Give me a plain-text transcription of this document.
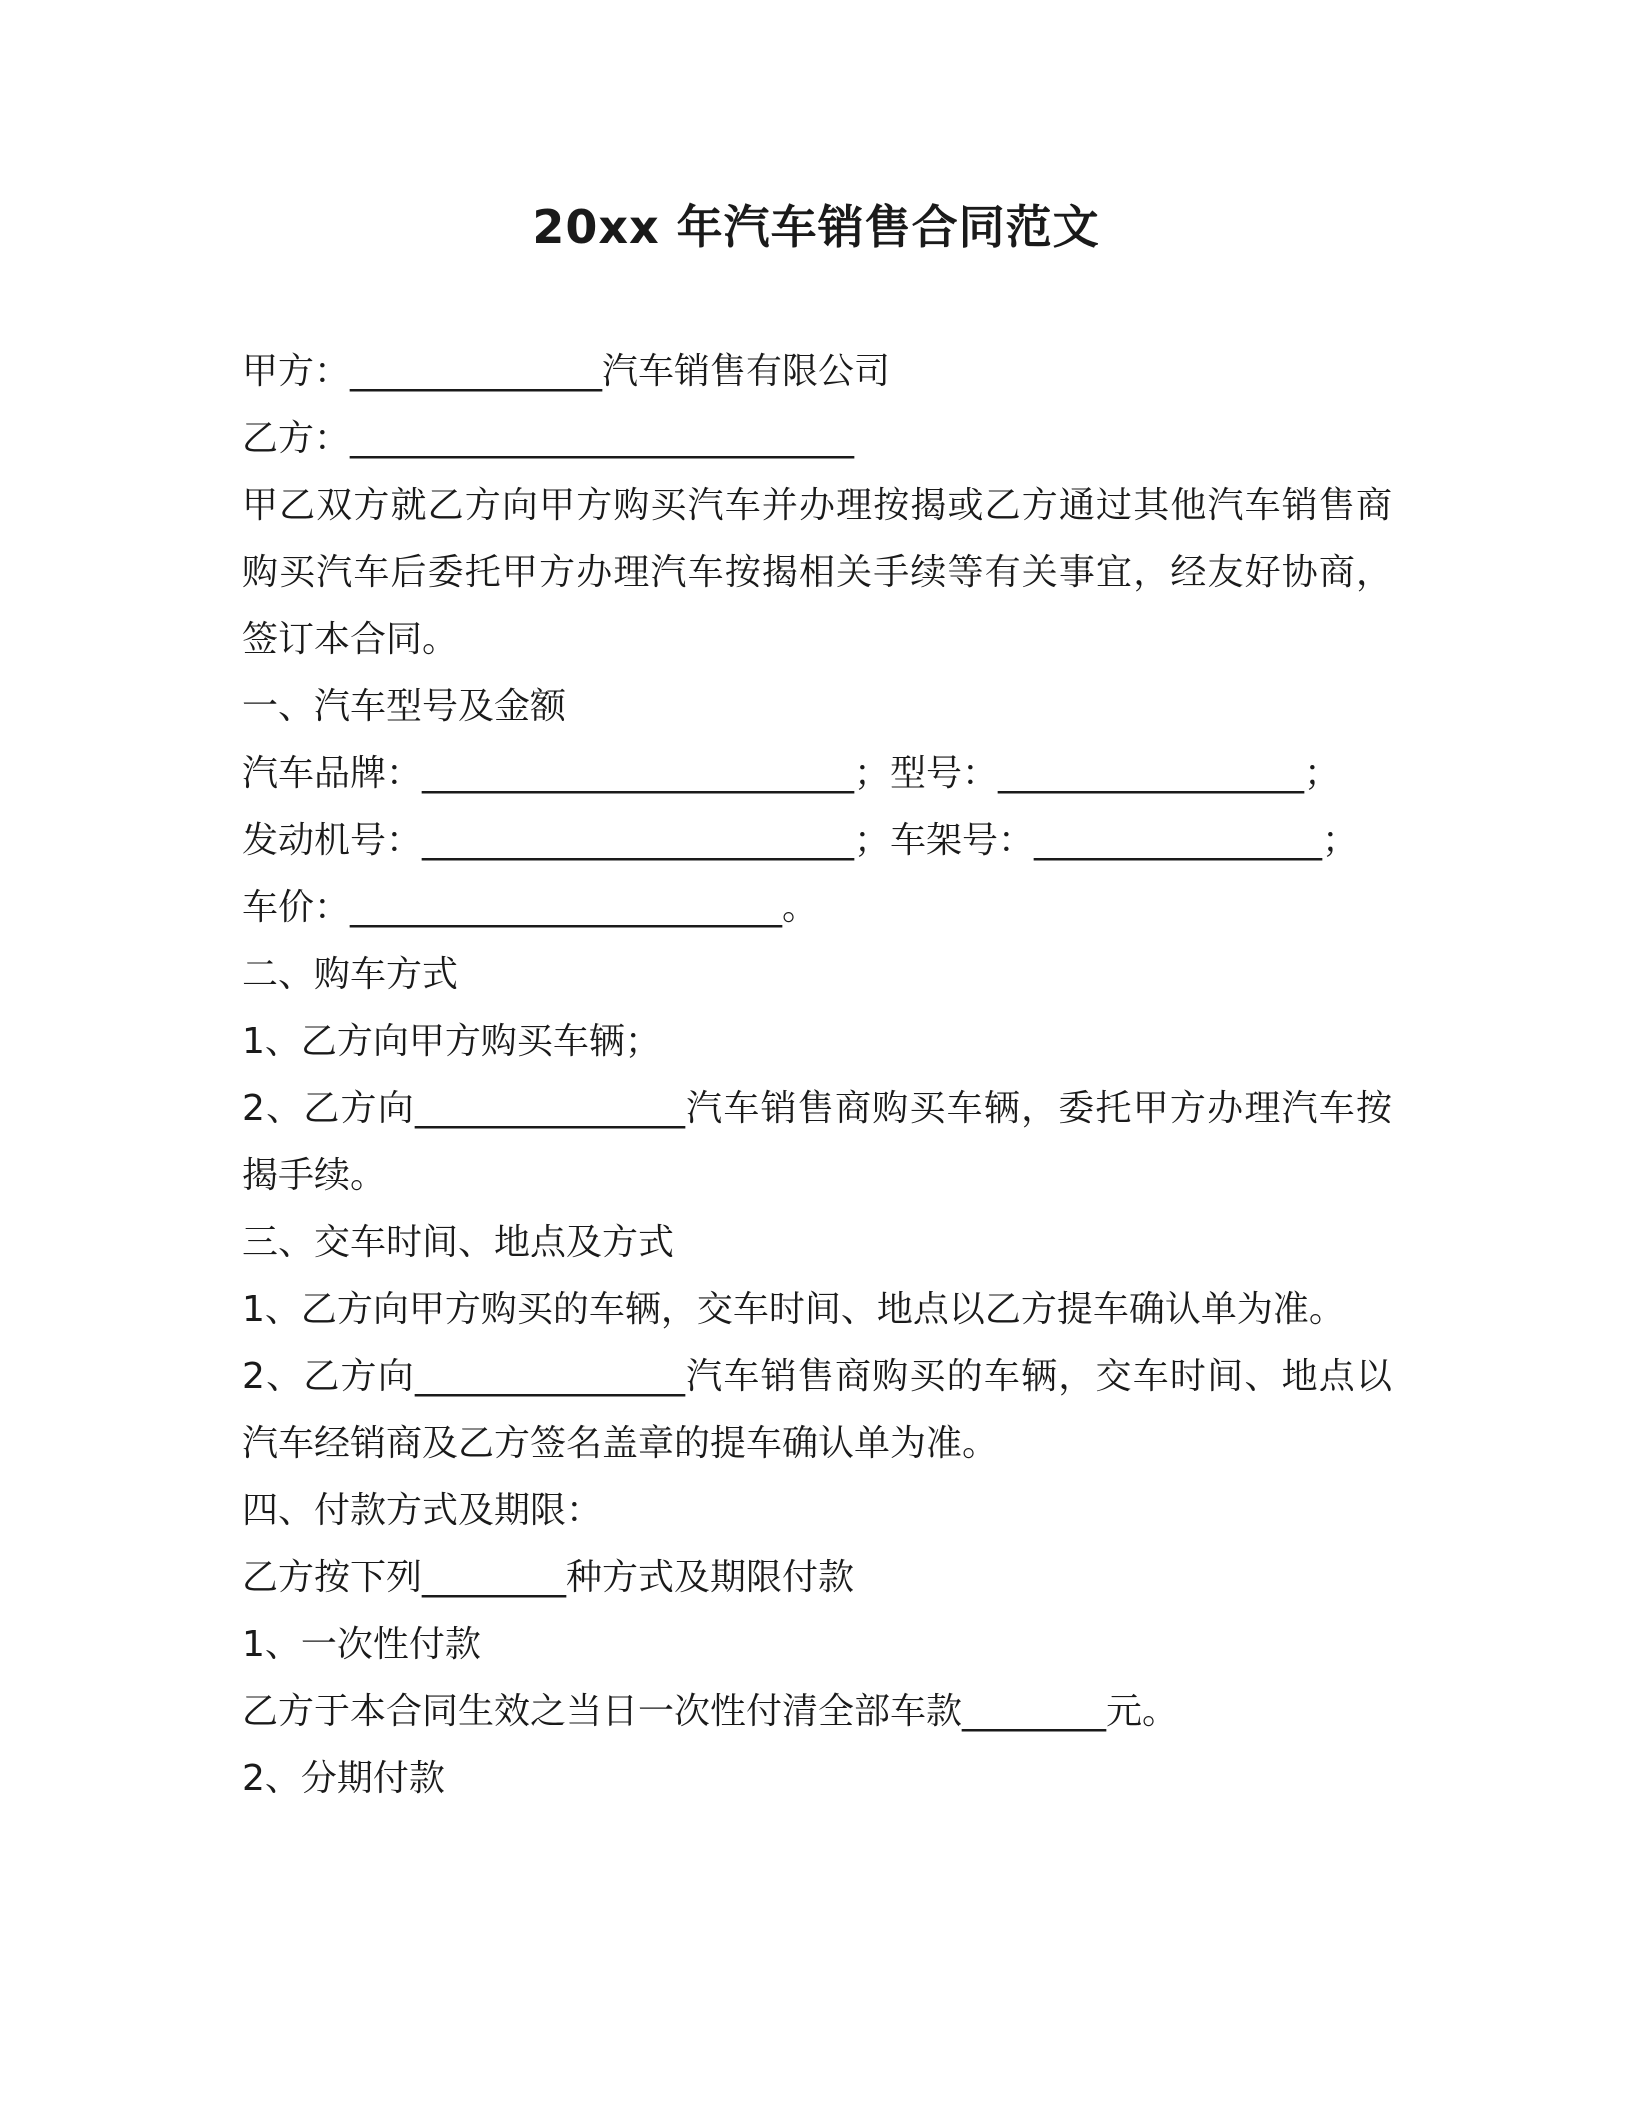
20xx 年汽车销售合同范文
甲方：______________汽车销售有限公司
乙方：____________________________
甲乙双方就乙方向甲方购买汽车并办理按揭或乙方通过其他汽车销售商购买汽车后委托甲方办理汽车按揭相关手续等有关事宜，经友好协商，签订本合同。
一、汽车型号及金额
汽车品牌：________________________；型号：_________________；
发动机号：________________________；车架号：________________；
车价：________________________。
二、购车方式
1、乙方向甲方购买车辆；
2、乙方向_______________汽车销售商购买车辆，委托甲方办理汽车按揭手续。
三、交车时间、地点及方式
1、乙方向甲方购买的车辆，交车时间、地点以乙方提车确认单为准。
2、乙方向_______________汽车销售商购买的车辆，交车时间、地点以汽车经销商及乙方签名盖章的提车确认单为准。
四、付款方式及期限：
乙方按下列________种方式及期限付款
1、一次性付款
乙方于本合同生效之当日一次性付清全部车款________元。
2、分期付款
